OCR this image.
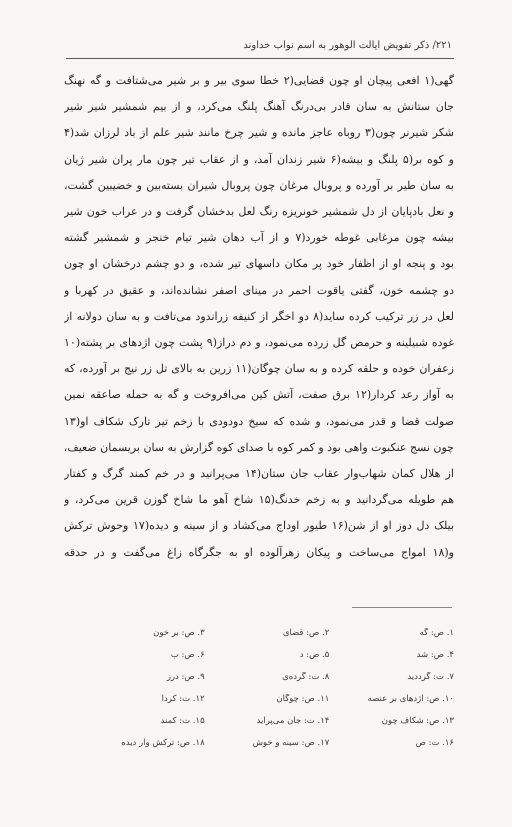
۲۲۱/ ذکر تفویض ایالت الوهور به اسم نواب خداوند
گهی(۱ افعی پیچان او چون قضایی(۲ خطا سوی بیر و بر شیر می‌شتافت و گه نهنگ
جان ستانش به سان قادر بی‌درنگ آهنگ پلنگ می‌کرد، و از بیم شمشیر شیر شیر
شکر شیرنر چون(۳ روباه عاجز مانده و شیر چرخ مانند شیر علم از باد لرزان شد(۴
و کوه بر(۵ پلنگ و بیشه(۶ شیر زندان آمد، و از عقاب تیر چون مار پران شیر ژیان
به سان طیر بر آورده و پروبال مرغان چون پروبال شیران بسته‌بین و خضیبین گشت،
و نعل بادپایان از دل شمشیر خونریزه رنگ لعل بدخشان گرفت و در عراب خون شیر
بیشه چون مرغابی غوطه خورد(۷ و از آب دهان شیر تیام خنجر و شمشیر گشته
بود و پنجه او از اظفار خود پر مکان داسهای تیر شده، و دو چشم درخشان او چون
دو چشمه خون، گفتی یاقوت احمر در مینای اصفر نشانده‌اند، و عقیق در کهربا و
لعل در زر ترکیب کرده ساید(۸ دو اخگر از کنیفه زراندود می‌تافت و به سان دولانه از
غوده شبیلینه و حرمص گل زرده می‌نمود، و دم دراز(۹ پشت چون اژدهای بر پشته(۱۰
زعفران خوده و حلقه کرده و به سان چوگان(۱۱ زرین به بالای تل زر نیج بر آورده، که
به آواز رعد کردار(۱۲ برق صفت، آتش کین می‌افروخت و گه به حمله صاعقه نمین
صولت قضا و قدر می‌نمود، و شده که سیخ دودودی با زخم تیر تارک شکاف او(۱۳
چون نسج عنکبوت واهی بود و کمر کوه با صدای کوه گزارش به سان بریسمان ضعیف،
از هلال کمان شهاب‌وار عقاب جان ستان(۱۴ می‌پرانید و در خم کمند گرگ و کفتار
هم طویله می‌گردانید و به زخم خدنگ(۱۵ شاخ آهو ما شاخ گوزن قرین می‌کرد، و
بیلک دل دوز او از شن(۱۶ طیور اوداج می‌کشاد و از سینه و دیده(۱۷ وحوش ترکش
و(۱۸ امواج می‌ساخت و پیکان زهرآلوده او به جگرگاه زاغ می‌گفت و در حدقه
۱. ص: گه
۲. ص: قضای
۳. ص: بر خون
۴. ص: شد
۵. ص: د
۶. ص: ب
۷. ت: گرددید
۸. ت: گرده‌ی
۹. ص: درز
۱۰. ص: اژدهای بر عنصه
۱۱. ص: چوگان
۱۲. ت: کردا
۱۳. ص: شکاف چون
۱۴. ت: جان می‌پراید
۱۵. ت: کمند
۱۶. ت: ص
۱۷. ص: سینه و خوش
۱۸. ص: ترکش وار دیده
